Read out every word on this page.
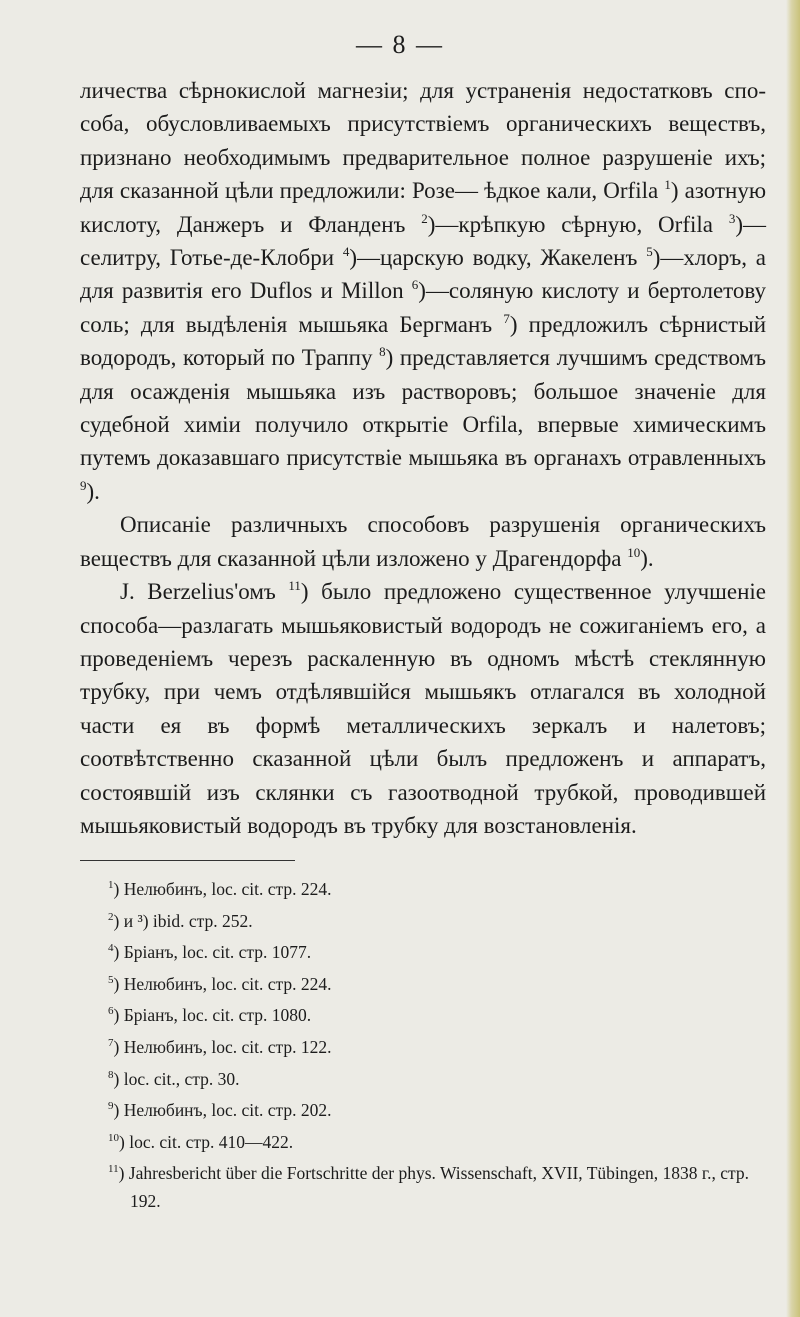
— 8 —

личества сѣрнокислой магнезіи; для устраненія недостатковъ способа, обусловливаемыхъ присутствіемъ органическихъ веществъ, признано необходимымъ предварительное полное разрушеніе ихъ; для сказанной цѣли предложили: Розе— ѣдкое кали, Orfila $^1$) азотную кислоту, Данжеръ и Фланденъ $^2$)—крѣпкую сѣрную, Orfila $^3$)—селитру, Готье-де-Клобри $^4$)—царскую водку, Жакеленъ $^5$)—хлоръ, а для развитія его Duflos и Millon $^6$)—соляную кислоту и бертолетову соль; для выдѣленія мышьяка Бергманъ $^7$) предложилъ сѣрнистый водородъ, который по Траппу $^8$) представляется лучшимъ средствомъ для осажденія мышьяка изъ растворовъ; большое значеніе для судебной химіи получило открытіе Orfila, впервые химическимъ путемъ доказавшаго присутствіе мышьяка въ органахъ отравленныхъ $^9$).

Описаніе различныхъ способовъ разрушенія органическихъ веществъ для сказанной цѣли изложено у Драгендорфа $^{10}$).

J. Berzelius'омъ $^{11}$) было предложено существенное улучшеніе способа—разлагать мышьяковистый водородъ не сожиганіемъ его, а проведеніемъ черезъ раскаленную въ одномъ мѣстѣ стеклянную трубку, при чемъ отдѣлявшійся мышьякъ отлагался въ холодной части ея въ формѣ металлическихъ зеркалъ и налетовъ; соотвѣтственно сказанной цѣли былъ предложенъ и аппаратъ, состоявшій изъ склянки съ газоотводной трубкой, проводившей мышьяковистый водородъ въ трубку для возстановленія.

$^1$) Нелюбинъ, loc. cit. стр. 224.
$^2$) и ³) ibid. стр. 252.
$^4$) Бріанъ, loc. cit. стр. 1077.
$^5$) Нелюбинъ, loc. cit. стр. 224.
$^6$) Бріанъ, loc. cit. стр. 1080.
$^7$) Нелюбинъ, loc. cit. стр. 122.
$^8$) loc. cit., стр. 30.
$^9$) Нелюбинъ, loc. cit. стр. 202.
$^{10}$) loc. cit. стр. 410—422.
$^{11}$) Jahresbericht über die Fortschritte der phys. Wissenschaft, XVII, Tübingen, 1838 г., стр. 192.
